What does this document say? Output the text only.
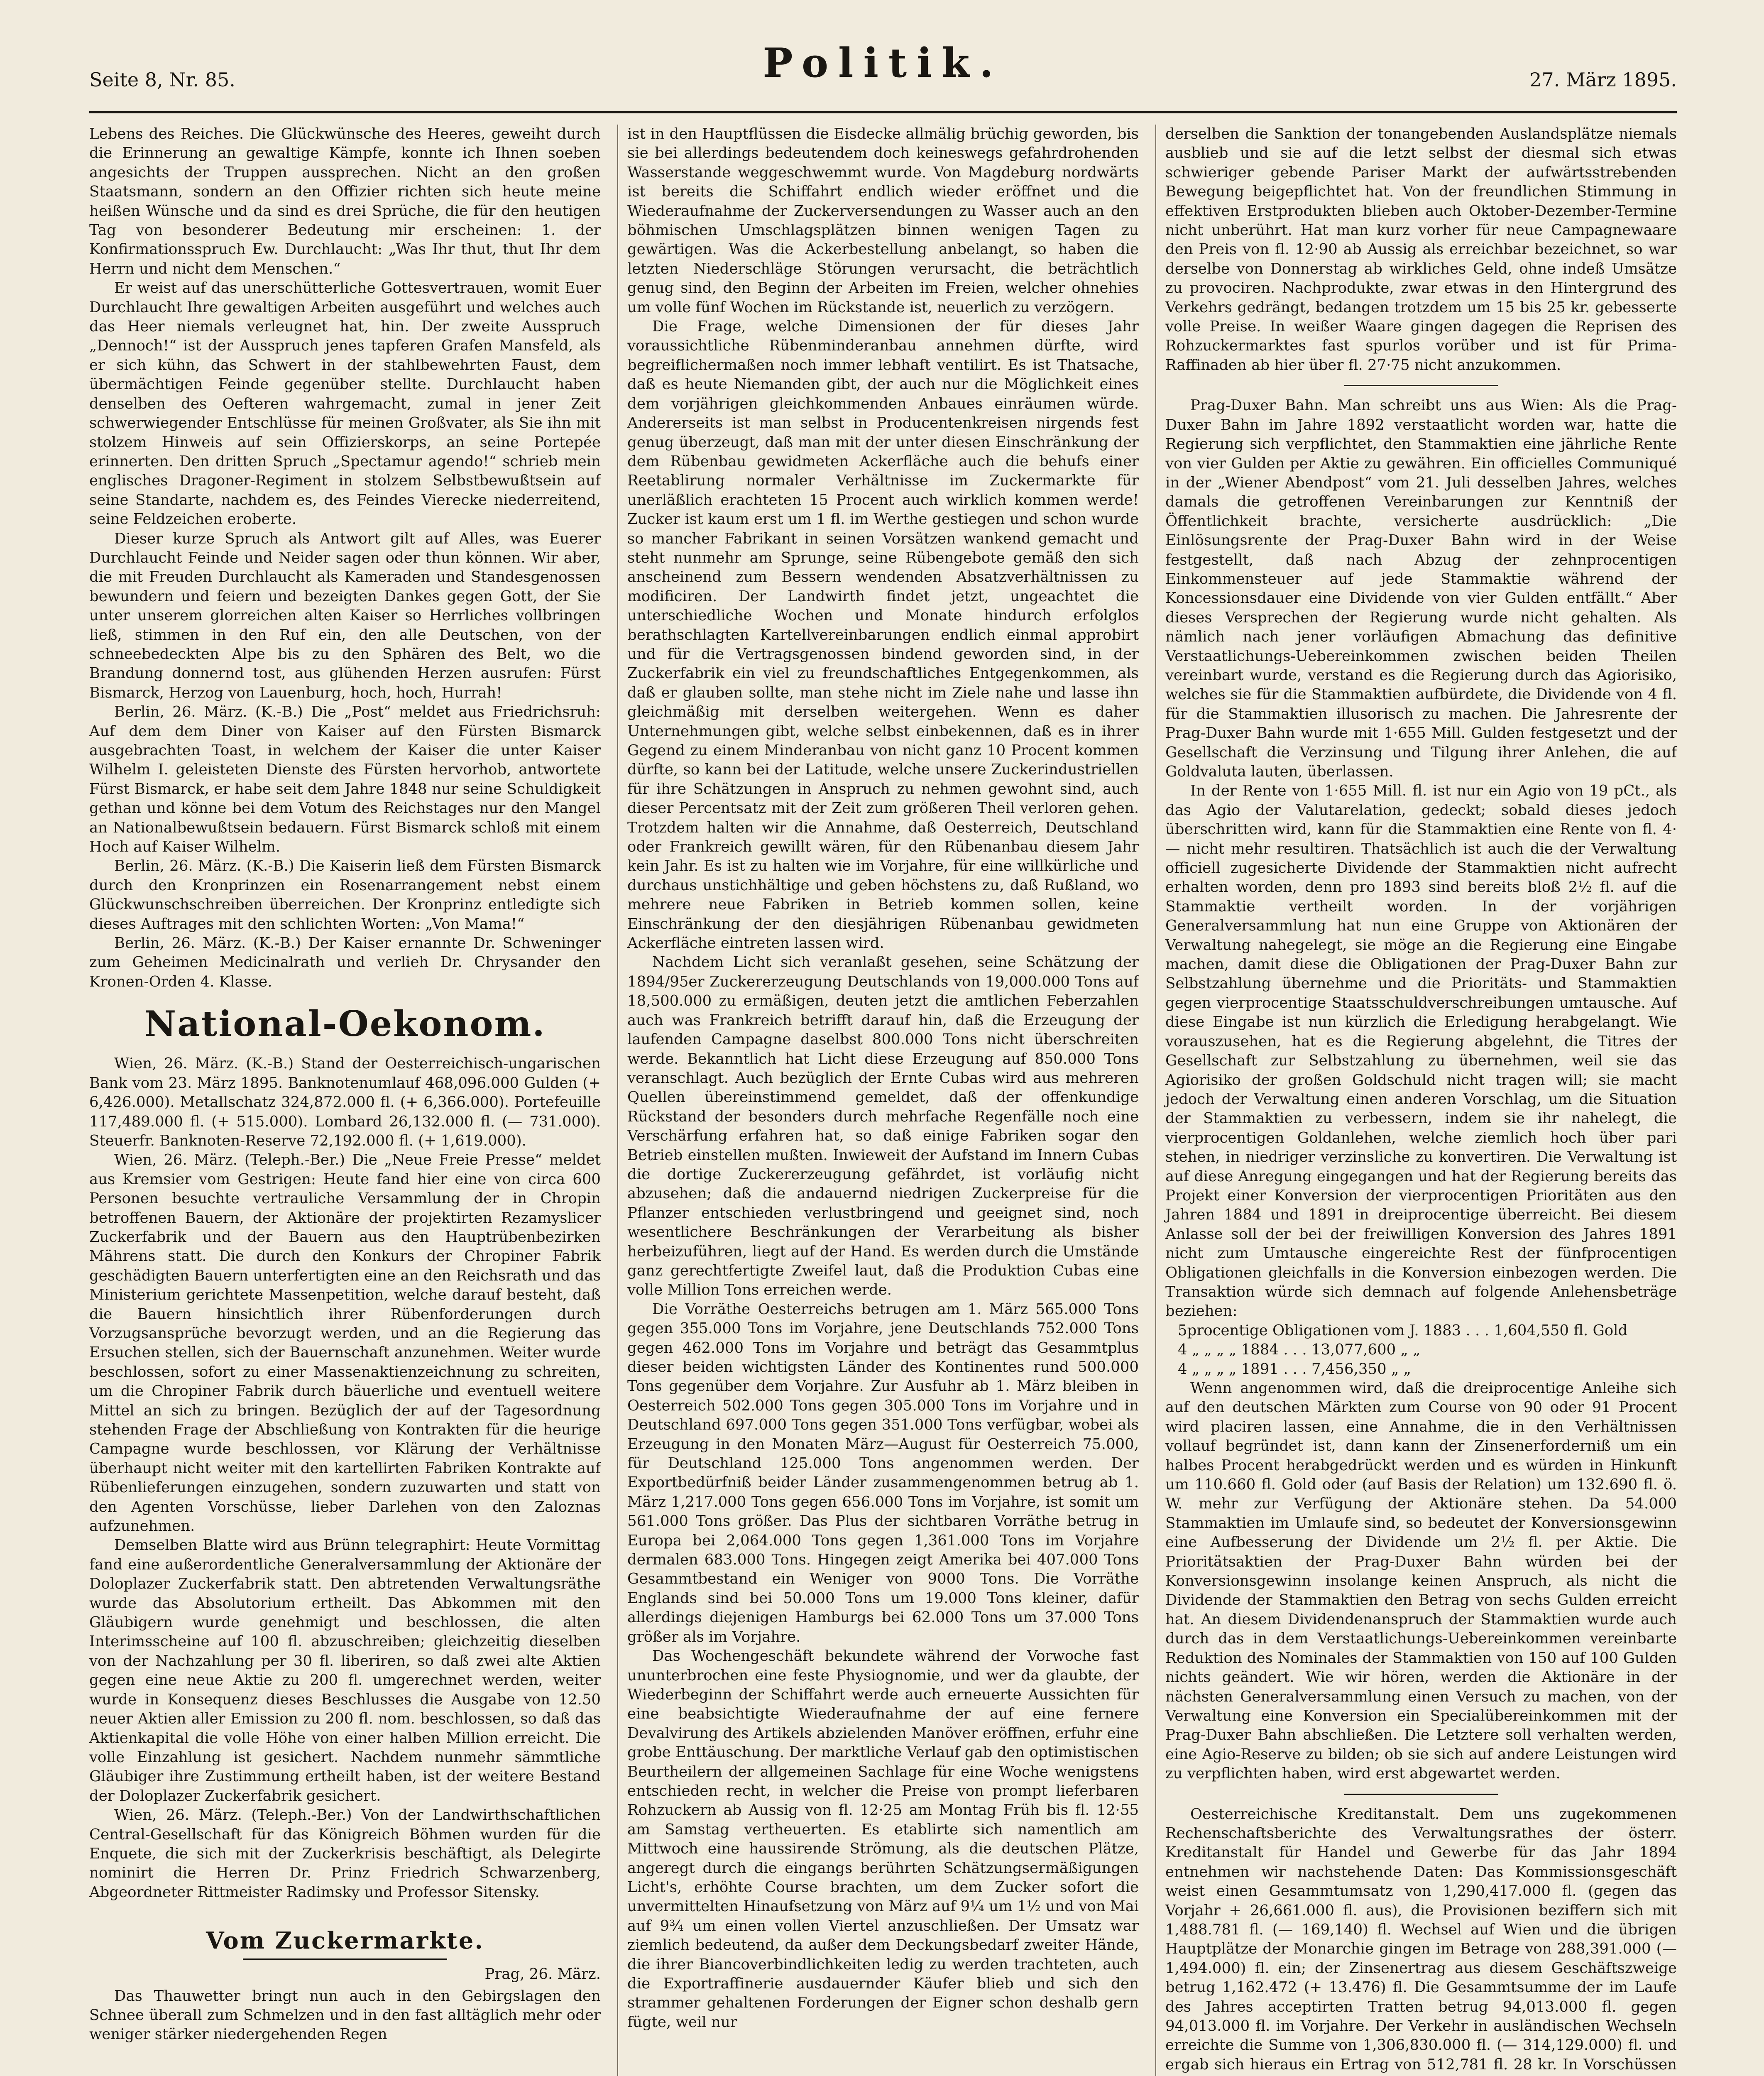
Seite 8, Nr. 85.	Politik.	27. März 1895.

Lebens des Reiches. Die Glückwünsche des Heeres, geweiht durch die Erinnerung an gewaltige Kämpfe, konnte ich Ihnen soeben angesichts der Truppen aussprechen. Nicht an den großen Staatsmann, sondern an den Offizier richten sich heute meine heißen Wünsche und da sind es drei Sprüche, die für den heutigen Tag von besonderer Bedeutung mir erscheinen: 1. der Konfirmationsspruch Ew. Durchlaucht: „Was Ihr thut, thut Ihr dem Herrn und nicht dem Menschen.“

Er weist auf das unerschütterliche Gottesvertrauen, womit Euer Durchlaucht Ihre gewaltigen Arbeiten ausgeführt und welches auch das Heer niemals verleugnet hat, hin. Der zweite Ausspruch „Dennoch!“ ist der Ausspruch jenes tapferen Grafen Mansfeld, als er sich kühn, das Schwert in der stahlbewehrten Faust, dem übermächtigen Feinde gegenüber stellte. Durchlaucht haben denselben des Oefteren wahrgemacht, zumal in jener Zeit schwerwiegender Entschlüsse für meinen Großvater, als Sie ihn mit stolzem Hinweis auf sein Offizierskorps, an seine Portepée erinnerten. Den dritten Spruch „Spectamur agendo!“ schrieb mein englisches Dragoner-Regiment in stolzem Selbstbewußtsein auf seine Standarte, nachdem es, des Feindes Vierecke niederreitend, seine Feldzeichen eroberte.

Dieser kurze Spruch als Antwort gilt auf Alles, was Euerer Durchlaucht Feinde und Neider sagen oder thun können. Wir aber, die mit Freuden Durchlaucht als Kameraden und Standesgenossen bewundern und feiern und bezeigten Dankes gegen Gott, der Sie unter unserem glorreichen alten Kaiser so Herrliches vollbringen ließ, stimmen in den Ruf ein, den alle Deutschen, von der schneebedeckten Alpe bis zu den Sphären des Belt, wo die Brandung donnernd tost, aus glühenden Herzen ausrufen: Fürst Bismarck, Herzog von Lauenburg, hoch, hoch, Hurrah!

Berlin, 26. März. (K.-B.) Die „Post“ meldet aus Friedrichsruh: Auf dem dem Diner von Kaiser auf den Fürsten Bismarck ausgebrachten Toast, in welchem der Kaiser die unter Kaiser Wilhelm I. geleisteten Dienste des Fürsten hervorhob, antwortete Fürst Bismarck, er habe seit dem Jahre 1848 nur seine Schuldigkeit gethan und könne bei dem Votum des Reichstages nur den Mangel an Nationalbewußtsein bedauern. Fürst Bismarck schloß mit einem Hoch auf Kaiser Wilhelm.

Berlin, 26. März. (K.-B.) Die Kaiserin ließ dem Fürsten Bismarck durch den Kronprinzen ein Rosenarrangement nebst einem Glückwunschschreiben überreichen. Der Kronprinz entledigte sich dieses Auftrages mit den schlichten Worten: „Von Mama!“

Berlin, 26. März. (K.-B.) Der Kaiser ernannte Dr. Schweninger zum Geheimen Medicinalrath und verlieh Dr. Chrysander den Kronen-Orden 4. Klasse.

National-Oekonom.

Wien, 26. März. (K.-B.) Stand der Oesterreichisch-ungarischen Bank vom 23. März 1895. Banknotenumlauf 468,096.000 Gulden (+ 6,426.000). Metallschatz 324,872.000 fl. (+ 6,366.000). Portefeuille 117,489.000 fl. (+ 515.000). Lombard 26,132.000 fl. (— 731.000). Steuerfr. Banknoten-Reserve 72,192.000 fl. (+ 1,619.000).

Wien, 26. März. (Teleph.-Ber.) Die „Neue Freie Presse“ meldet aus Kremsier vom Gestrigen: Heute fand hier eine von circa 600 Personen besuchte vertrauliche Versammlung der in Chropin betroffenen Bauern, der Aktionäre der projektirten Rezamyslicer Zuckerfabrik und der Bauern aus den Hauptrübenbezirken Mährens statt. Die durch den Konkurs der Chropiner Fabrik geschädigten Bauern unterfertigten eine an den Reichsrath und das Ministerium gerichtete Massenpetition, welche darauf besteht, daß die Bauern hinsichtlich ihrer Rübenforderungen durch Vorzugsansprüche bevorzugt werden, und an die Regierung das Ersuchen stellen, sich der Bauernschaft anzunehmen. Weiter wurde beschlossen, sofort zu einer Massenaktienzeichnung zu schreiten, um die Chropiner Fabrik durch bäuerliche und eventuell weitere Mittel an sich zu bringen. Bezüglich der auf der Tagesordnung stehenden Frage der Abschließung von Kontrakten für die heurige Campagne wurde beschlossen, vor Klärung der Verhältnisse überhaupt nicht weiter mit den kartellirten Fabriken Kontrakte auf Rübenlieferungen einzugehen, sondern zuzuwarten und statt von den Agenten Vorschüsse, lieber Darlehen von den Zaloznas aufzunehmen.

Demselben Blatte wird aus Brünn telegraphirt: Heute Vormittag fand eine außerordentliche Generalversammlung der Aktionäre der Doloplazer Zuckerfabrik statt. Den abtretenden Verwaltungsräthe wurde das Absolutorium ertheilt. Das Abkommen mit den Gläubigern wurde genehmigt und beschlossen, die alten Interimsscheine auf 100 fl. abzuschreiben; gleichzeitig dieselben von der Nachzahlung per 30 fl. liberiren, so daß zwei alte Aktien gegen eine neue Aktie zu 200 fl. umgerechnet werden, weiter wurde in Konsequenz dieses Beschlusses die Ausgabe von 12.50 neuer Aktien aller Emission zu 200 fl. nom. beschlossen, so daß das Aktienkapital die volle Höhe von einer halben Million erreicht. Die volle Einzahlung ist gesichert. Nachdem nunmehr sämmtliche Gläubiger ihre Zustimmung ertheilt haben, ist der weitere Bestand der Doloplazer Zuckerfabrik gesichert.

Wien, 26. März. (Teleph.-Ber.) Von der Landwirthschaftlichen Central-Gesellschaft für das Königreich Böhmen wurden für die Enquete, die sich mit der Zuckerkrisis beschäftigt, als Delegirte nominirt die Herren Dr. Prinz Friedrich Schwarzenberg, Abgeordneter Rittmeister Radimsky und Professor Sitensky.

Vom Zuckermarkte.
Prag, 26. März.

Das Thauwetter bringt nun auch in den Gebirgslagen den Schnee überall zum Schmelzen und in den fast alltäglich mehr oder weniger stärker niedergehenden Regen

ist in den Hauptflüssen die Eisdecke allmälig brüchig geworden, bis sie bei allerdings bedeutendem doch keineswegs gefahrdrohenden Wasserstande weggeschwemmt wurde. Von Magdeburg nordwärts ist bereits die Schiffahrt endlich wieder eröffnet und die Wiederaufnahme der Zuckerversendungen zu Wasser auch an den böhmischen Umschlagsplätzen binnen wenigen Tagen zu gewärtigen. Was die Ackerbestellung anbelangt, so haben die letzten Niederschläge Störungen verursacht, die beträchtlich genug sind, den Beginn der Arbeiten im Freien, welcher ohnehies um volle fünf Wochen im Rückstande ist, neuerlich zu verzögern.

Die Frage, welche Dimensionen der für dieses Jahr voraussichtliche Rübenminderanbau annehmen dürfte, wird begreiflichermaßen noch immer lebhaft ventilirt. Es ist Thatsache, daß es heute Niemanden gibt, der auch nur die Möglichkeit eines dem vorjährigen gleichkommenden Anbaues einräumen würde. Andererseits ist man selbst in Producentenkreisen nirgends fest genug überzeugt, daß man mit der unter diesen Einschränkung der dem Rübenbau gewidmeten Ackerfläche auch die behufs einer Reetablirung normaler Verhältnisse im Zuckermarkte für unerläßlich erachteten 15 Procent auch wirklich kommen werde! Zucker ist kaum erst um 1 fl. im Werthe gestiegen und schon wurde so mancher Fabrikant in seinen Vorsätzen wankend gemacht und steht nunmehr am Sprunge, seine Rübengebote gemäß den sich anscheinend zum Bessern wendenden Absatzverhältnissen zu modificiren. Der Landwirth findet jetzt, ungeachtet die unterschiedliche Wochen und Monate hindurch erfolglos berathschlagten Kartellvereinbarungen endlich einmal approbirt und für die Vertragsgenossen bindend geworden sind, in der Zuckerfabrik ein viel zu freundschaftliches Entgegenkommen, als daß er glauben sollte, man stehe nicht im Ziele nahe und lasse ihn gleichmäßig mit derselben weitergehen. Wenn es daher Unternehmungen gibt, welche selbst einbekennen, daß es in ihrer Gegend zu einem Minderanbau von nicht ganz 10 Procent kommen dürfte, so kann bei der Latitude, welche unsere Zuckerindustriellen für ihre Schätzungen in Anspruch zu nehmen gewohnt sind, auch dieser Percentsatz mit der Zeit zum größeren Theil verloren gehen. Trotzdem halten wir die Annahme, daß Oesterreich, Deutschland oder Frankreich gewillt wären, für den Rübenanbau diesem Jahr kein Jahr. Es ist zu halten wie im Vorjahre, für eine willkürliche und durchaus unstichhältige und geben höchstens zu, daß Rußland, wo mehrere neue Fabriken in Betrieb kommen sollen, keine Einschränkung der den diesjährigen Rübenanbau gewidmeten Ackerfläche eintreten lassen wird.

Nachdem Licht sich veranlaßt gesehen, seine Schätzung der 1894/95er Zuckererzeugung Deutschlands von 19,000.000 Tons auf 18,500.000 zu ermäßigen, deuten jetzt die amtlichen Feberzahlen auch was Frankreich betrifft darauf hin, daß die Erzeugung der laufenden Campagne daselbst 800.000 Tons nicht überschreiten werde. Bekanntlich hat Licht diese Erzeugung auf 850.000 Tons veranschlagt. Auch bezüglich der Ernte Cubas wird aus mehreren Quellen übereinstimmend gemeldet, daß der offenkundige Rückstand der besonders durch mehrfache Regenfälle noch eine Verschärfung erfahren hat, so daß einige Fabriken sogar den Betrieb einstellen mußten. Inwieweit der Aufstand im Innern Cubas die dortige Zuckererzeugung gefährdet, ist vorläufig nicht abzusehen; daß die andauernd niedrigen Zuckerpreise für die Pflanzer entschieden verlustbringend und geeignet sind, noch wesentlichere Beschränkungen der Verarbeitung als bisher herbeizuführen, liegt auf der Hand. Es werden durch die Umstände ganz gerechtfertigte Zweifel laut, daß die Produktion Cubas eine volle Million Tons erreichen werde.

Die Vorräthe Oesterreichs betrugen am 1. März 565.000 Tons gegen 355.000 Tons im Vorjahre, jene Deutschlands 752.000 Tons gegen 462.000 Tons im Vorjahre und beträgt das Gesammtplus dieser beiden wichtigsten Länder des Kontinentes rund 500.000 Tons gegenüber dem Vorjahre. Zur Ausfuhr ab 1. März bleiben in Oesterreich 502.000 Tons gegen 305.000 Tons im Vorjahre und in Deutschland 697.000 Tons gegen 351.000 Tons verfügbar, wobei als Erzeugung in den Monaten März—August für Oesterreich 75.000, für Deutschland 125.000 Tons angenommen werden. Der Exportbedürfniß beider Länder zusammengenommen betrug ab 1. März 1,217.000 Tons gegen 656.000 Tons im Vorjahre, ist somit um 561.000 Tons größer. Das Plus der sichtbaren Vorräthe betrug in Europa bei 2,064.000 Tons gegen 1,361.000 Tons im Vorjahre dermalen 683.000 Tons. Hingegen zeigt Amerika bei 407.000 Tons Gesammtbestand ein Weniger von 9000 Tons. Die Vorräthe Englands sind bei 50.000 Tons um 19.000 Tons kleiner, dafür allerdings diejenigen Hamburgs bei 62.000 Tons um 37.000 Tons größer als im Vorjahre.

Das Wochengeschäft bekundete während der Vorwoche fast ununterbrochen eine feste Physiognomie, und wer da glaubte, der Wiederbeginn der Schiffahrt werde auch erneuerte Aussichten für eine beabsichtigte Wiederaufnahme der auf eine fernere Devalvirung des Artikels abzielenden Manöver eröffnen, erfuhr eine grobe Enttäuschung. Der marktliche Verlauf gab den optimistischen Beurtheilern der allgemeinen Sachlage für eine Woche wenigstens entschieden recht, in welcher die Preise von prompt lieferbaren Rohzuckern ab Aussig von fl. 12·25 am Montag Früh bis fl. 12·55 am Samstag vertheuerten. Es etablirte sich namentlich am Mittwoch eine haussirende Strömung, als die deutschen Plätze, angeregt durch die eingangs berührten Schätzungsermäßigungen Licht's, erhöhte Course brachten, um dem Zucker sofort die unvermittelten Hinaufsetzung von März auf 9¼ um 1½ und von Mai auf 9¾ um einen vollen Viertel anzuschließen. Der Umsatz war ziemlich bedeutend, da außer dem Deckungsbedarf zweiter Hände, die ihrer Biancoverbindlichkeiten ledig zu werden trachteten, auch die Exportraffinerie ausdauernder Käufer blieb und sich den strammer gehaltenen Forderungen der Eigner schon deshalb gern fügte, weil nur

derselben die Sanktion der tonangebenden Auslandsplätze niemals ausblieb und sie auf die letzt selbst der diesmal sich etwas schwieriger gebende Pariser Markt der aufwärtsstrebenden Bewegung beigepflichtet hat. Von der freundlichen Stimmung in effektiven Erstprodukten blieben auch Oktober-Dezember-Termine nicht unberührt. Hat man kurz vorher für neue Campagnewaare den Preis von fl. 12·90 ab Aussig als erreichbar bezeichnet, so war derselbe von Donnerstag ab wirkliches Geld, ohne indeß Umsätze zu provociren. Nachprodukte, zwar etwas in den Hintergrund des Verkehrs gedrängt, bedangen trotzdem um 15 bis 25 kr. gebesserte volle Preise. In weißer Waare gingen dagegen die Reprisen des Rohzuckermarktes fast spurlos vorüber und ist für Prima-Raffinaden ab hier über fl. 27·75 nicht anzukommen.

Prag-Duxer Bahn. Man schreibt uns aus Wien: Als die Prag-Duxer Bahn im Jahre 1892 verstaatlicht worden war, hatte die Regierung sich verpflichtet, den Stammaktien eine jährliche Rente von vier Gulden per Aktie zu gewähren. Ein officielles Communiqué in der „Wiener Abendpost“ vom 21. Juli desselben Jahres, welches damals die getroffenen Vereinbarungen zur Kenntniß der Öffentlichkeit brachte, versicherte ausdrücklich: „Die Einlösungsrente der Prag-Duxer Bahn wird in der Weise festgestellt, daß nach Abzug der zehnprocentigen Einkommensteuer auf jede Stammaktie während der Koncessionsdauer eine Dividende von vier Gulden entfällt.“ Aber dieses Versprechen der Regierung wurde nicht gehalten. Als nämlich nach jener vorläufigen Abmachung das definitive Verstaatlichungs-Uebereinkommen zwischen beiden Theilen vereinbart wurde, verstand es die Regierung durch das Agiorisiko, welches sie für die Stammaktien aufbürdete, die Dividende von 4 fl. für die Stammaktien illusorisch zu machen. Die Jahresrente der Prag-Duxer Bahn wurde mit 1·655 Mill. Gulden festgesetzt und der Gesellschaft die Verzinsung und Tilgung ihrer Anlehen, die auf Goldvaluta lauten, überlassen.

In der Rente von 1·655 Mill. fl. ist nur ein Agio von 19 pCt., als das Agio der Valutarelation, gedeckt; sobald dieses jedoch überschritten wird, kann für die Stammaktien eine Rente von fl. 4·— nicht mehr resultiren. Thatsächlich ist auch die der Verwaltung officiell zugesicherte Dividende der Stammaktien nicht aufrecht erhalten worden, denn pro 1893 sind bereits bloß 2½ fl. auf die Stammaktie vertheilt worden. In der vorjährigen Generalversammlung hat nun eine Gruppe von Aktionären der Verwaltung nahegelegt, sie möge an die Regierung eine Eingabe machen, damit diese die Obligationen der Prag-Duxer Bahn zur Selbstzahlung übernehme und die Prioritäts- und Stammaktien gegen vierprocentige Staatsschuldverschreibungen umtausche. Auf diese Eingabe ist nun kürzlich die Erledigung herabgelangt. Wie vorauszusehen, hat es die Regierung abgelehnt, die Titres der Gesellschaft zur Selbstzahlung zu übernehmen, weil sie das Agiorisiko der großen Goldschuld nicht tragen will; sie macht jedoch der Verwaltung einen anderen Vorschlag, um die Situation der Stammaktien zu verbessern, indem sie ihr nahelegt, die vierprocentigen Goldanlehen, welche ziemlich hoch über pari stehen, in niedriger verzinsliche zu konvertiren. Die Verwaltung ist auf diese Anregung eingegangen und hat der Regierung bereits das Projekt einer Konversion der vierprocentigen Prioritäten aus den Jahren 1884 und 1891 in dreiprocentige überreicht. Bei diesem Anlasse soll der bei der freiwilligen Konversion des Jahres 1891 nicht zum Umtausche eingereichte Rest der fünfprocentigen Obligationen gleichfalls in die Konversion einbezogen werden. Die Transaktion würde sich demnach auf folgende Anlehensbeträge beziehen:

5procentige Obligationen vom J. 1883 . . . 1,604,550 fl. Gold
4 „ „ „ „ 1884 . . . 13,077,600 „ „
4 „ „ „ „ 1891 . . . 7,456,350 „ „

Wenn angenommen wird, daß die dreiprocentige Anleihe sich auf den deutschen Märkten zum Course von 90 oder 91 Procent wird placiren lassen, eine Annahme, die in den Verhältnissen vollauf begründet ist, dann kann der Zinsenerforderniß um ein halbes Procent herabgedrückt werden und es würden in Hinkunft um 110.660 fl. Gold oder (auf Basis der Relation) um 132.690 fl. ö. W. mehr zur Verfügung der Aktionäre stehen. Da 54.000 Stammaktien im Umlaufe sind, so bedeutet der Konversionsgewinn eine Aufbesserung der Dividende um 2½ fl. per Aktie. Die Prioritätsaktien der Prag-Duxer Bahn würden bei der Konversionsgewinn insolange keinen Anspruch, als nicht die Dividende der Stammaktien den Betrag von sechs Gulden erreicht hat. An diesem Dividendenanspruch der Stammaktien wurde auch durch das in dem Verstaatlichungs-Uebereinkommen vereinbarte Reduktion des Nominales der Stammaktien von 150 auf 100 Gulden nichts geändert. Wie wir hören, werden die Aktionäre in der nächsten Generalversammlung einen Versuch zu machen, von der Verwaltung eine Konversion ein Specialübereinkommen mit der Prag-Duxer Bahn abschließen. Die Letztere soll verhalten werden, eine Agio-Reserve zu bilden; ob sie sich auf andere Leistungen wird zu verpflichten haben, wird erst abgewartet werden.

Oesterreichische Kreditanstalt. Dem uns zugekommenen Rechenschaftsberichte des Verwaltungsrathes der österr. Kreditanstalt für Handel und Gewerbe für das Jahr 1894 entnehmen wir nachstehende Daten: Das Kommissionsgeschäft weist einen Gesammtumsatz von 1,290,417.000 fl. (gegen das Vorjahr + 26,661.000 fl. aus), die Provisionen beziffern sich mit 1,488.781 fl. (— 169,140) fl. Wechsel auf Wien und die übrigen Hauptplätze der Monarchie gingen im Betrage von 288,391.000 (— 1,494.000) fl. ein; der Zinsenertrag aus diesem Geschäftszweige betrug 1,162.472 (+ 13.476) fl. Die Gesammtsumme der im Laufe des Jahres acceptirten Tratten betrug 94,013.000 fl. gegen 94,013.000 fl. im Vorjahre. Der Verkehr in ausländischen Wechseln erreichte die Summe von 1,306,830.000 fl. (— 314,129.000) fl. und ergab sich hieraus ein Ertrag von 512,781 fl. 28 kr. In Vorschüssen
